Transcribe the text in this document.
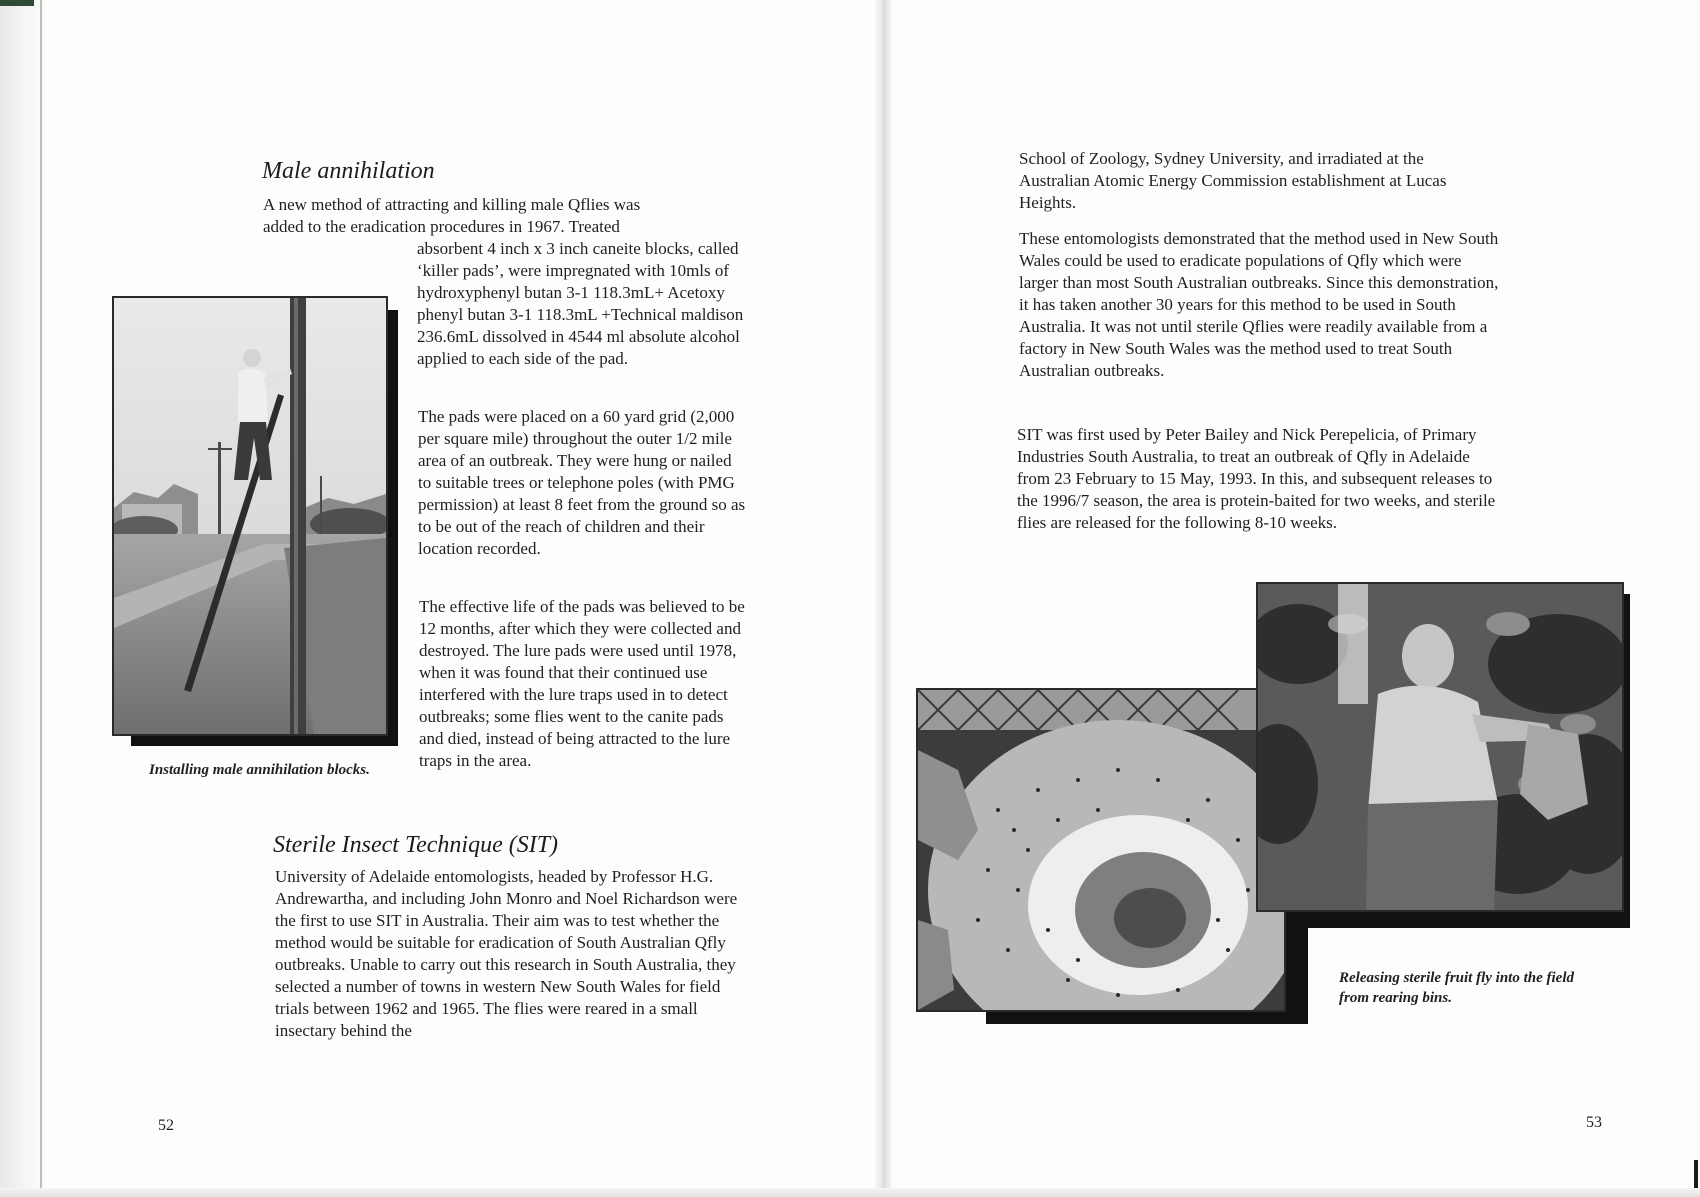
Male annihilation

A new method of attracting and killing male Qflies was

added to the eradication procedures in 1967. Treated

absorbent 4 inch x 3 inch caneite blocks, called ‘killer pads’, were impregnated with 10mls of hydroxyphenyl butan 3-1 118.3mL+ Acetoxy phenyl butan 3-1 118.3mL +Technical maldison 236.6mL dissolved in 4544 ml absolute alcohol applied to each side of the pad.

The pads were placed on a 60 yard grid (2,000 per square mile) throughout the outer 1/2 mile area of an outbreak. They were hung or nailed to suitable trees or telephone poles (with PMG permission) at least 8 feet from the ground so as to be out of the reach of children and their location recorded.

The effective life of the pads was believed to be 12 months, after which they were collected and destroyed. The lure pads were used until 1978, when it was found that their continued use interfered with the lure traps used in to detect outbreaks; some flies went to the canite pads and died, instead of being attracted to the lure traps in the area.

Installing male annihilation blocks.

Sterile Insect Technique (SIT)

University of Adelaide entomologists, headed by Professor H.G. Andrewartha, and including John Monro and Noel Richardson were the first to use SIT in Australia. Their aim was to test whether the method would be suitable for eradication of South Australian Qfly outbreaks. Unable to carry out this research in South Australia, they selected a number of towns in western New South Wales for field trials between 1962 and 1965. The flies were reared in a small insectary behind the

52

School of Zoology, Sydney University, and irradiated at the Australian Atomic Energy Commission establishment at Lucas Heights.

These entomologists demonstrated that the method used in New South Wales could be used to eradicate populations of Qfly which were larger than most South Australian outbreaks. Since this demonstration, it has taken another 30 years for this method to be used in South Australia. It was not until sterile Qflies were readily available from a factory in New South Wales was the method used to treat South Australian outbreaks.

SIT was first used by Peter Bailey and Nick Perepelicia, of Primary Industries South Australia, to treat an outbreak of Qfly in Adelaide from 23 February to 15 May, 1993. In this, and subsequent releases to the 1996/7 season, the area is protein-baited for two weeks, and sterile flies are released for the following 8-10 weeks.

Releasing sterile fruit fly into the field from rearing bins.

53
